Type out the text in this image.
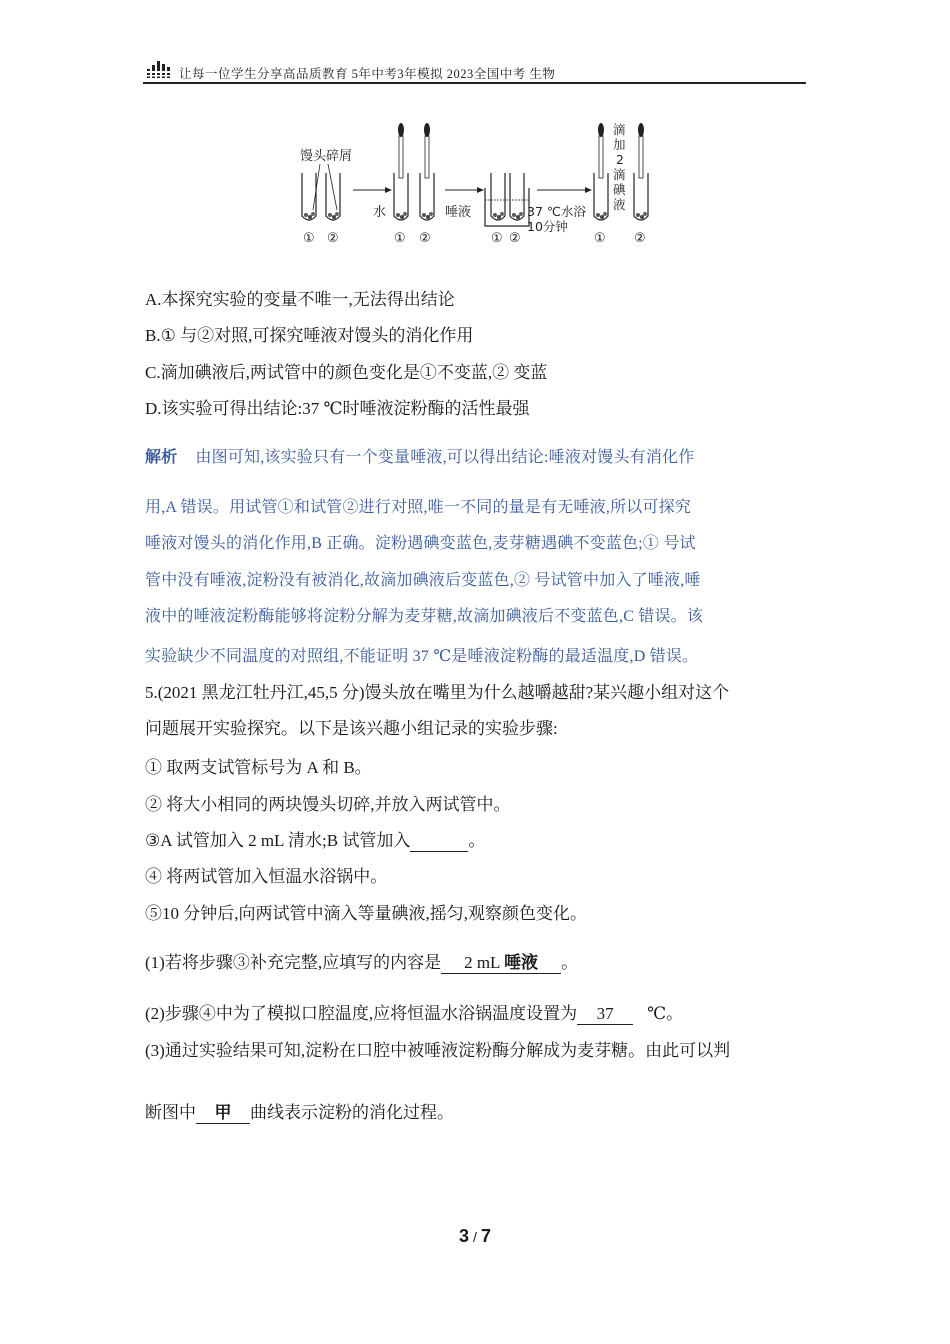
让每一位学生分享高品质教育 5年中考3年模拟 2023全国中考 生物
馒头碎屑
① ②
水
① ②
唾液
① ②
37 ℃水浴
10分钟
① ②
滴
加
2
滴
碘
液
A.本探究实验的变量不唯一,无法得出结论
B.① 与②对照,可探究唾液对馒头的消化作用
C.滴加碘液后,两试管中的颜色变化是①不变蓝,② 变蓝
D.该实验可得出结论:37 ℃时唾液淀粉酶的活性最强
解析 由图可知,该实验只有一个变量唾液,可以得出结论:唾液对馒头有消化作
用,A 错误。用试管①和试管②进行对照,唯一不同的量是有无唾液,所以可探究
唾液对馒头的消化作用,B 正确。淀粉遇碘变蓝色,麦芽糖遇碘不变蓝色;① 号试
管中没有唾液,淀粉没有被消化,故滴加碘液后变蓝色,② 号试管中加入了唾液,唾
液中的唾液淀粉酶能够将淀粉分解为麦芽糖,故滴加碘液后不变蓝色,C 错误。该
实验缺少不同温度的对照组,不能证明 37 ℃是唾液淀粉酶的最适温度,D 错误。
5.(2021 黑龙江牡丹江,45,5 分)馒头放在嘴里为什么越嚼越甜?某兴趣小组对这个
问题展开实验探究。以下是该兴趣小组记录的实验步骤:
① 取两支试管标号为 A 和 B。
② 将大小相同的两块馒头切碎,并放入两试管中。
③A 试管加入 2 mL 清水;B 试管加入	。
④ 将两试管加入恒温水浴锅中。
⑤10 分钟后,向两试管中滴入等量碘液,摇匀,观察颜色变化。
(1)若将步骤③补充完整,应填写的内容是 2 mL 唾液 。
(2)步骤④中为了模拟口腔温度,应将恒温水浴锅温度设置为 37 ℃。
(3)通过实验结果可知,淀粉在口腔中被唾液淀粉酶分解成为麦芽糖。由此可以判
断图中 甲 曲线表示淀粉的消化过程。
3 / 7
